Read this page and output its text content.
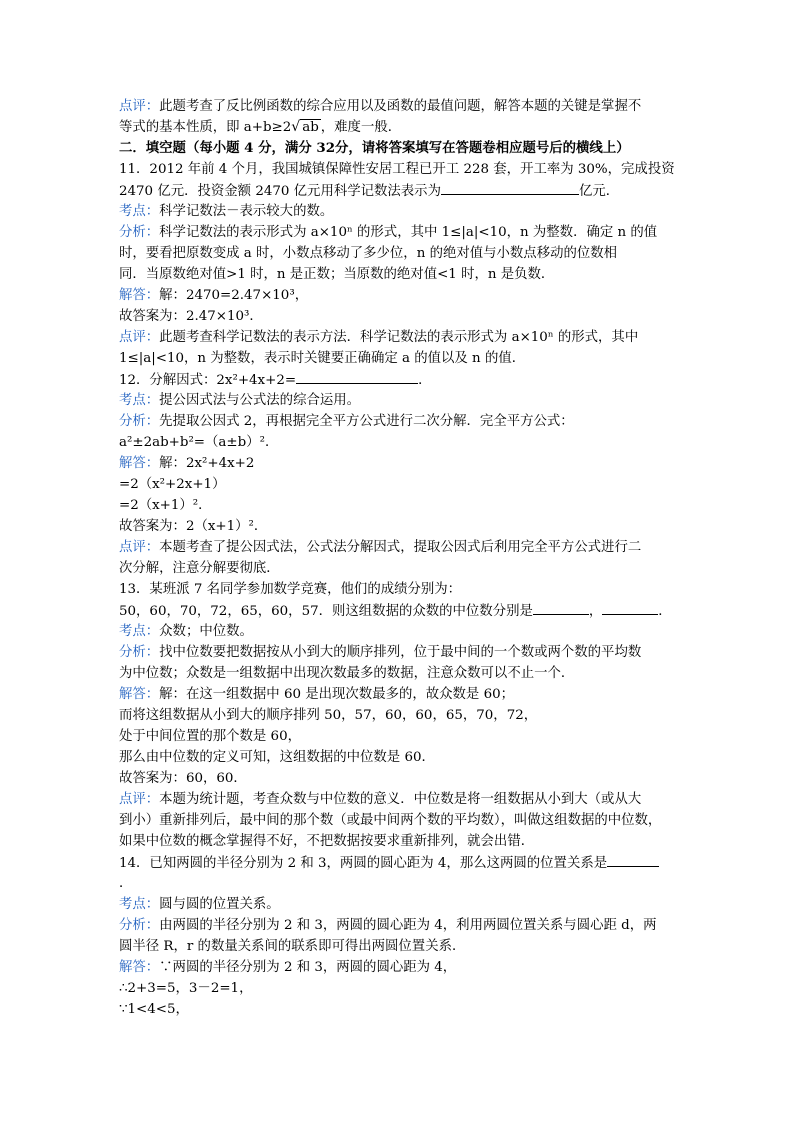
点评：此题考查了反比例函数的综合应用以及函数的最值问题，解答本题的关键是掌握不
等式的基本性质，即 a+b≥2√ ab ，难度一般．
二．填空题（每小题 4 分，满分 32分，请将答案填写在答题卷相应题号后的横线上）
11．2012 年前 4 个月，我国城镇保障性安居工程已开工 228 套，开工率为 30%，完成投资
2470 亿元．投资金额 2470 亿元用科学记数法表示为	亿元．
考点：科学记数法－表示较大的数。
分析：科学记数法的表示形式为 a×10ⁿ 的形式，其中 1≤|a|<10，n 为整数．确定 n 的值
时，要看把原数变成 a 时，小数点移动了多少位，n 的绝对值与小数点移动的位数相
同．当原数绝对值>1 时，n 是正数；当原数的绝对值<1 时，n 是负数．
解答：解：2470=2.47×10³，
故答案为：2.47×10³．
点评：此题考查科学记数法的表示方法．科学记数法的表示形式为 a×10ⁿ 的形式，其中
1≤|a|<10，n 为整数，表示时关键要正确确定 a 的值以及 n 的值．
12．分解因式：2x²+4x+2=	．
考点：提公因式法与公式法的综合运用。
分析：先提取公因式 2，再根据完全平方公式进行二次分解．完全平方公式：
a²±2ab+b²=（a±b）²．
解答：解：2x²+4x+2
=2（x²+2x+1）
=2（x+1）²．
故答案为：2（x+1）²．
点评：本题考查了提公因式法，公式法分解因式，提取公因式后利用完全平方公式进行二
次分解，注意分解要彻底．
13．某班派 7 名同学参加数学竞赛，他们的成绩分别为：
50，60，70，72，65，60，57．则这组数据的众数的中位数分别是	，	．
考点：众数；中位数。
分析：找中位数要把数据按从小到大的顺序排列，位于最中间的一个数或两个数的平均数
为中位数；众数是一组数据中出现次数最多的数据，注意众数可以不止一个．
解答：解：在这一组数据中 60 是出现次数最多的，故众数是 60；
而将这组数据从小到大的顺序排列 50，57，60，60，65，70，72，
处于中间位置的那个数是 60，
那么由中位数的定义可知，这组数据的中位数是 60．
故答案为：60，60．
点评：本题为统计题，考查众数与中位数的意义．中位数是将一组数据从小到大（或从大
到小）重新排列后，最中间的那个数（或最中间两个数的平均数），叫做这组数据的中位数，
如果中位数的概念掌握得不好，不把数据按要求重新排列，就会出错．
14．已知两圆的半径分别为 2 和 3，两圆的圆心距为 4，那么这两圆的位置关系是
．
考点：圆与圆的位置关系。
分析：由两圆的半径分别为 2 和 3，两圆的圆心距为 4，利用两圆位置关系与圆心距 d，两
圆半径 R，r 的数量关系间的联系即可得出两圆位置关系．
解答：∵两圆的半径分别为 2 和 3，两圆的圆心距为 4，
∴2+3=5，3－2=1，
∵1<4<5，
